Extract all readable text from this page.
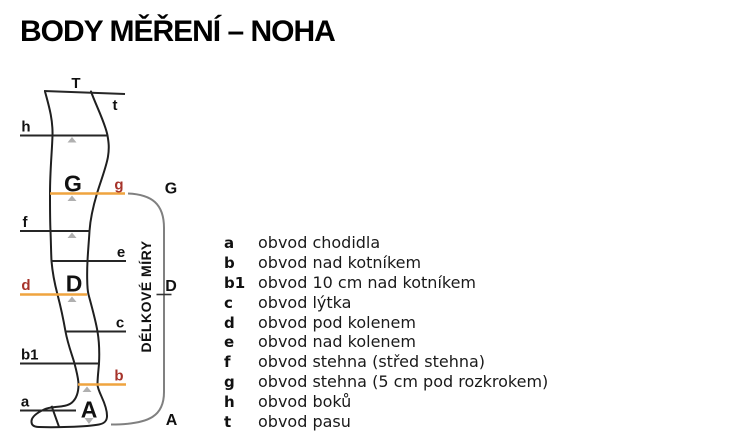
BODY MĚŘENÍ – NOHA
DÉLKOVÉ MÍRY
T
t
h
G
f
e
D
c
b1
a A
g
d
b
G
D
A
a	obvod chodidla
b	obvod nad kotníkem
b1 obvod 10 cm nad kotníkem
c	obvod lýtka
d	obvod pod kolenem
e	obvod nad kolenem
f	obvod stehna (střed stehna)
g	obvod stehna (5 cm pod rozkrokem)
h	obvod boků
t	obvod pasu
